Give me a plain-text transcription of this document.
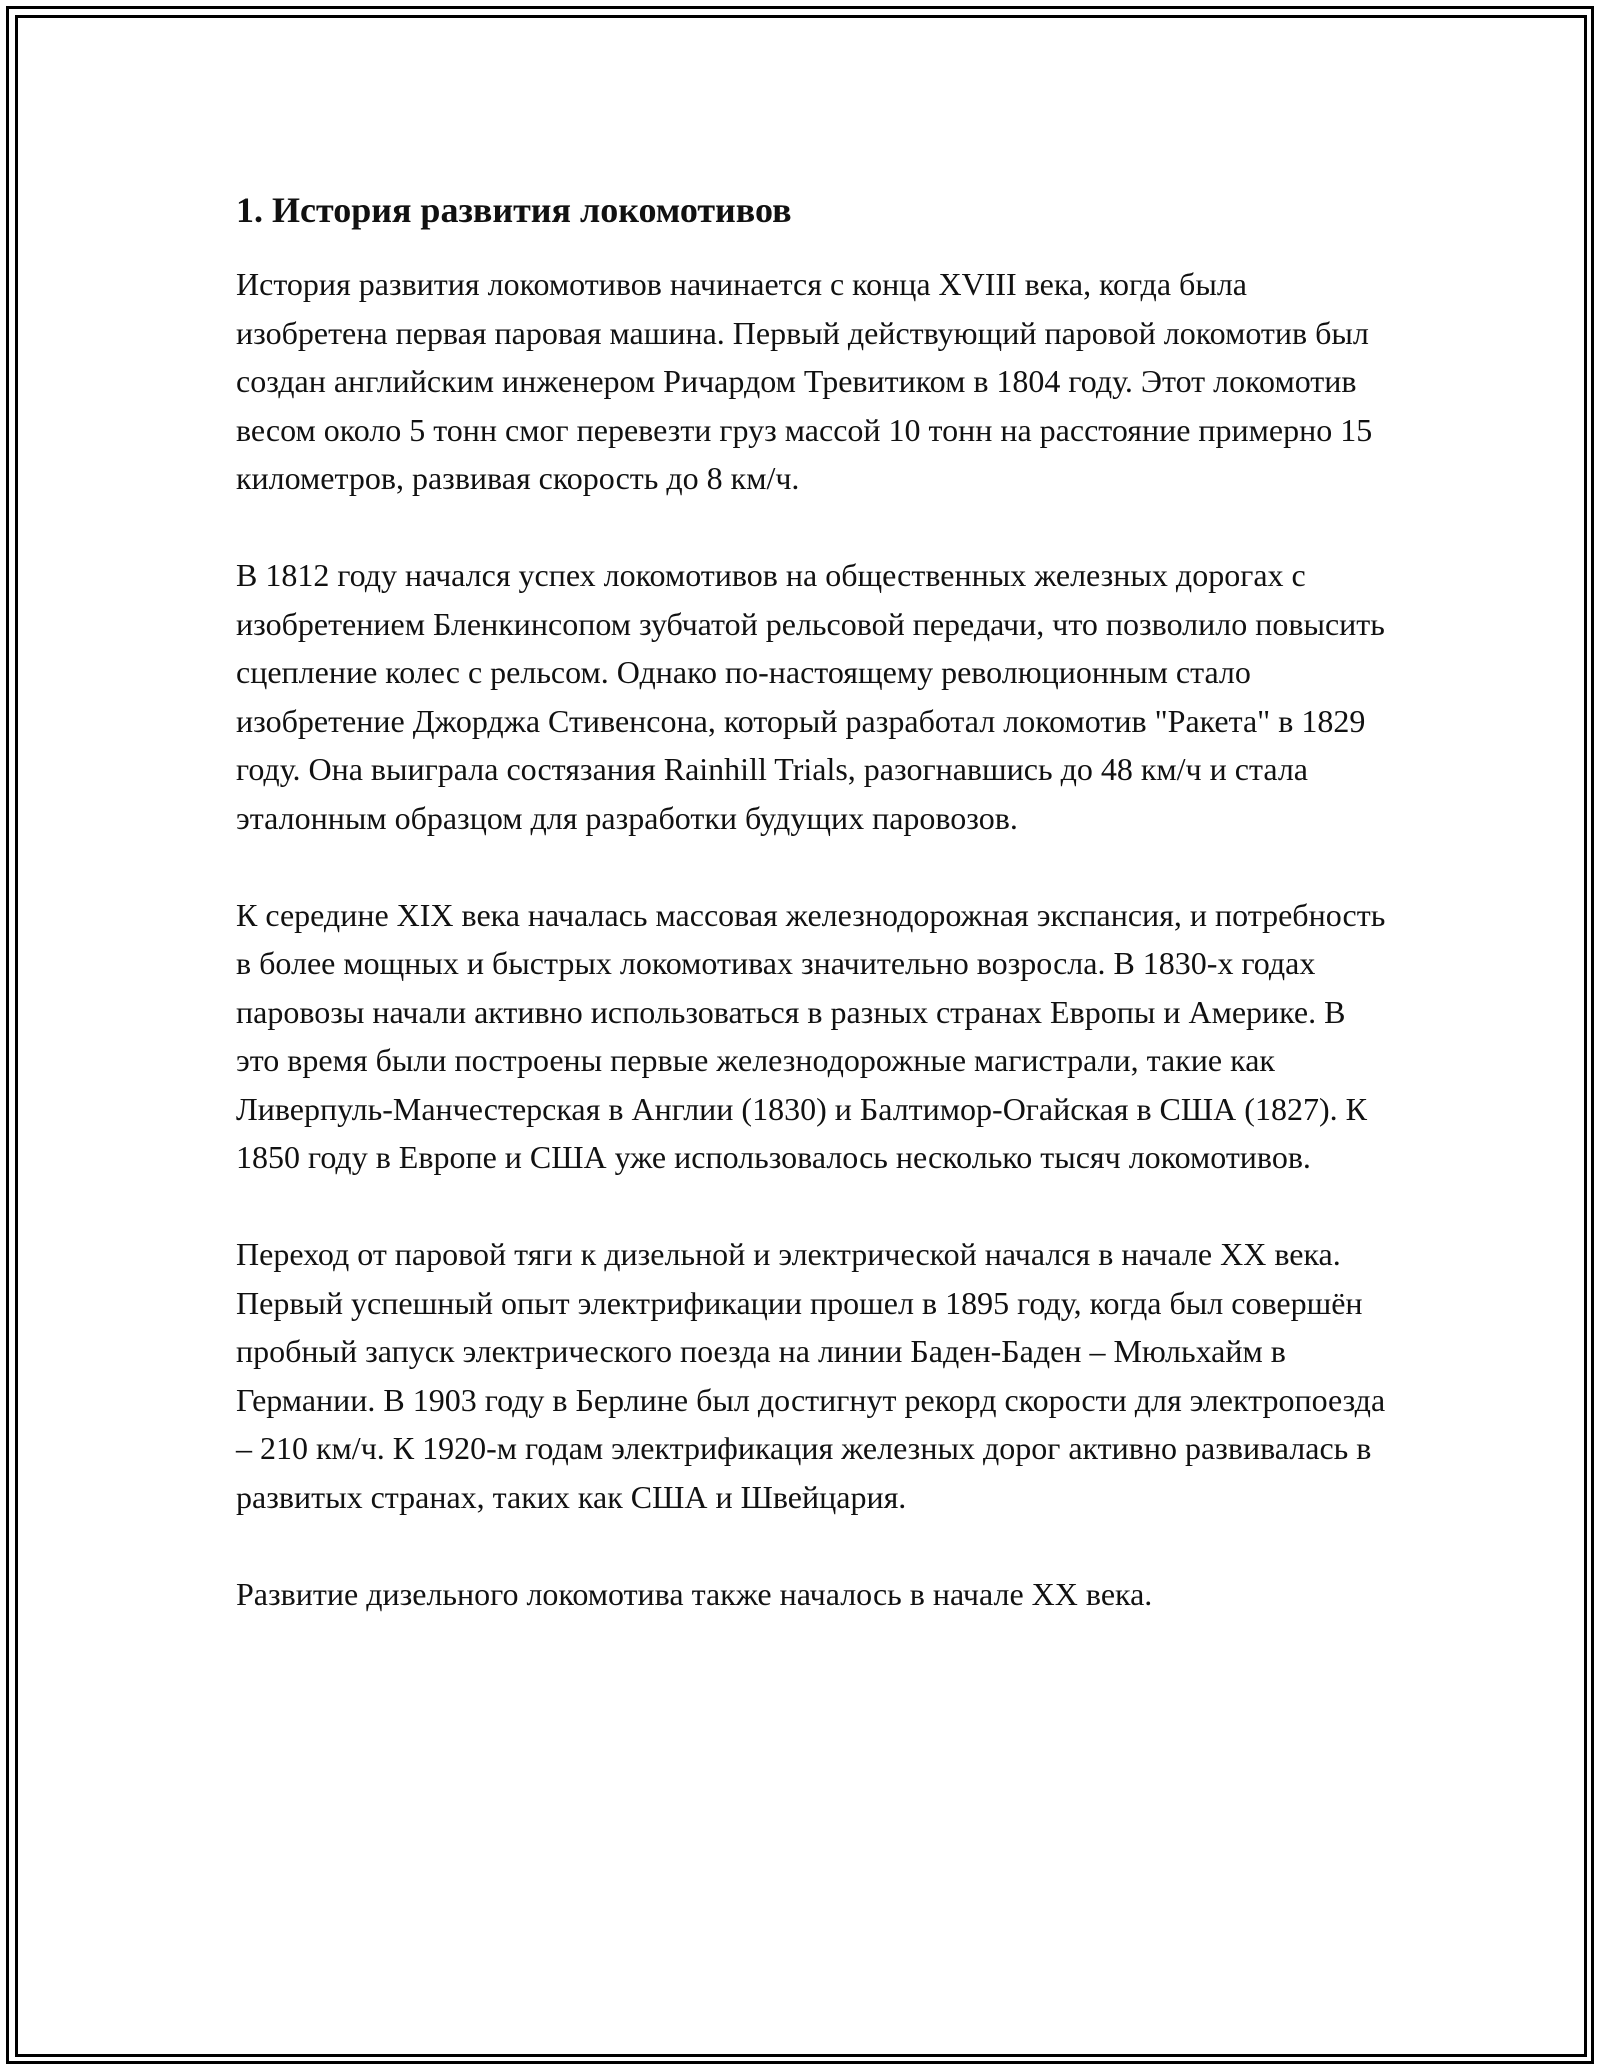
1. История развития локомотивов

История развития локомотивов начинается с конца XVIII века, когда была изобретена первая паровая машина. Первый действующий паровой локомотив был создан английским инженером Ричардом Тревитиком в 1804 году. Этот локомотив весом около 5 тонн смог перевезти груз массой 10 тонн на расстояние примерно 15 километров, развивая скорость до 8 км/ч.

В 1812 году начался успех локомотивов на общественных железных дорогах с изобретением Бленкинсопом зубчатой рельсовой передачи, что позволило повысить сцепление колес с рельсом. Однако по-настоящему революционным стало изобретение Джорджа Стивенсона, который разработал локомотив "Ракета" в 1829 году. Она выиграла состязания Rainhill Trials, разогнавшись до 48 км/ч и стала эталонным образцом для разработки будущих паровозов.

К середине XIX века началась массовая железнодорожная экспансия, и потребность в более мощных и быстрых локомотивах значительно возросла. В 1830-х годах паровозы начали активно использоваться в разных странах Европы и Америке. В это время были построены первые железнодорожные магистрали, такие как Ливерпуль-Манчестерская в Англии (1830) и Балтимор-Огайская в США (1827). К 1850 году в Европе и США уже использовалось несколько тысяч локомотивов.

Переход от паровой тяги к дизельной и электрической начался в начале XX века. Первый успешный опыт электрификации прошел в 1895 году, когда был совершён пробный запуск электрического поезда на линии Баден-Баден – Мюльхайм в Германии. В 1903 году в Берлине был достигнут рекорд скорости для электропоезда – 210 км/ч. К 1920-м годам электрификация железных дорог активно развивалась в развитых странах, таких как США и Швейцария.

Развитие дизельного локомотива также началось в начале XX века.
